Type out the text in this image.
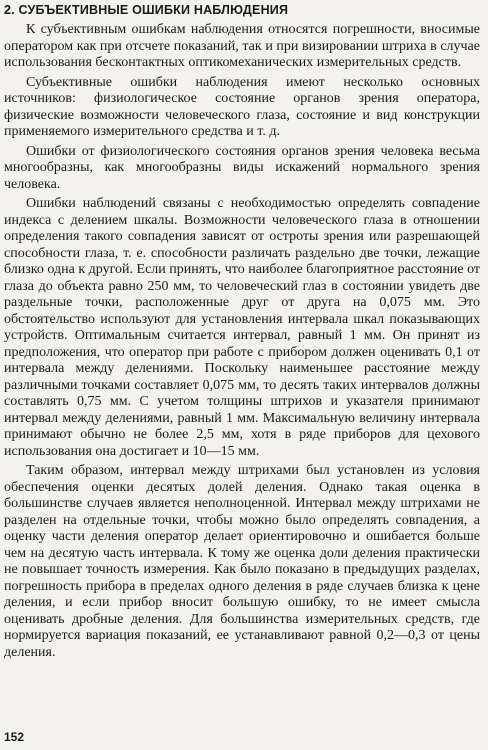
2. СУБЪЕКТИВНЫЕ ОШИБКИ НАБЛЮДЕНИЯ

К субъективным ошибкам наблюдения относятся погрешности, вносимые оператором как при отсчете показаний, так и при визировании штриха в случае использования бесконтактных оптикомеханических измерительных средств.

Субъективные ошибки наблюдения имеют несколько основных источников: физиологическое состояние органов зрения оператора, физические возможности человеческого глаза, состояние и вид конструкции применяемого измерительного средства и т. д.

Ошибки от физиологического состояния органов зрения человека весьма многообразны, как многообразны виды искажений нормального зрения человека.

Ошибки наблюдений связаны с необходимостью определять совпадение индекса с делением шкалы. Возможности человеческого глаза в отношении определения такого совпадения зависят от остроты зрения или разрешающей способности глаза, т. е. способности различать раздельно две точки, лежащие близко одна к другой. Если принять, что наиболее благоприятное расстояние от глаза до объекта равно 250 мм, то человеческий глаз в состоянии увидеть две раздельные точки, расположенные друг от друга на 0,075 мм. Это обстоятельство используют для установления интервала шкал показывающих устройств. Оптимальным считается интервал, равный 1 мм. Он принят из предположения, что оператор при работе с прибором должен оценивать 0,1 от интервала между делениями. Поскольку наименьшее расстояние между различными точками составляет 0,075 мм, то десять таких интервалов должны составлять 0,75 мм. С учетом толщины штрихов и указателя принимают интервал между делениями, равный 1 мм. Максимальную величину интервала принимают обычно не более 2,5 мм, хотя в ряде приборов для цехового использования она достигает и 10—15 мм.

Таким образом, интервал между штрихами был установлен из условия обеспечения оценки десятых долей деления. Однако такая оценка в большинстве случаев является неполноценной. Интервал между штрихами не разделен на отдельные точки, чтобы можно было определять совпадения, а оценку части деления оператор делает ориентировочно и ошибается больше чем на десятую часть интервала. К тому же оценка доли деления практически не повышает точность измерения. Как было показано в предыдущих разделах, погрешность прибора в пределах одного деления в ряде случаев близка к цене деления, и если прибор вносит большую ошибку, то не имеет смысла оценивать дробные деления. Для большинства измерительных средств, где нормируется вариация показаний, ее устанавливают равной 0,2—0,3 от цены деления.

152
